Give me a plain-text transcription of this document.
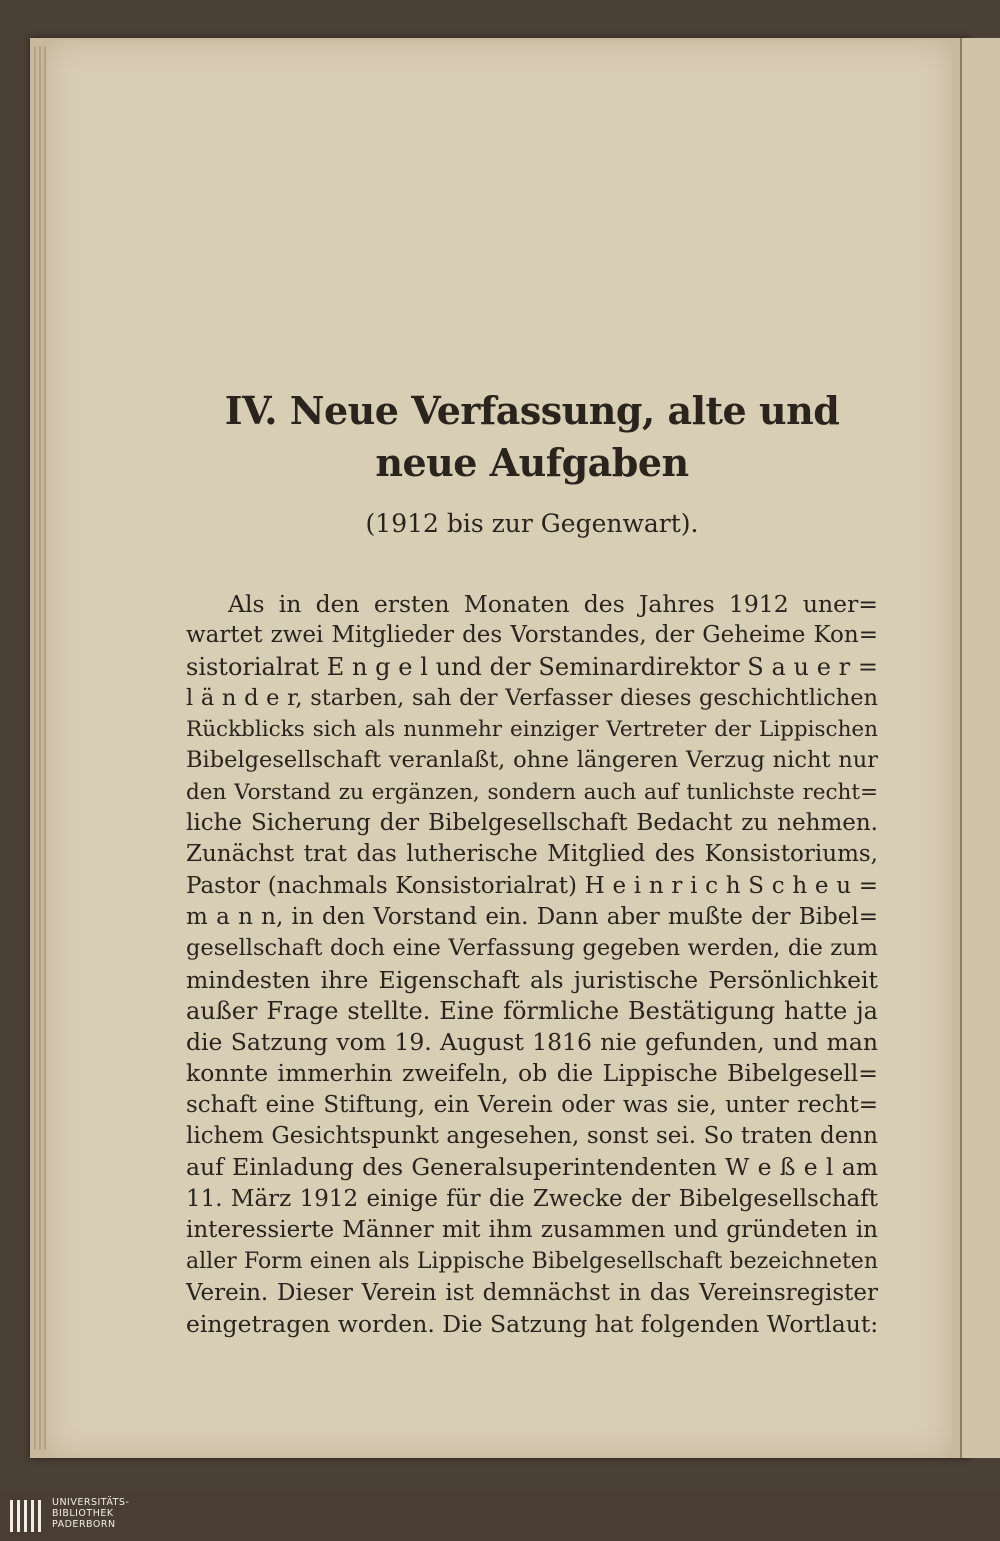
IV. Neue Verfassung, alte und neue Aufgaben

(1912 bis zur Gegenwart).

Als in den ersten Monaten des Jahres 1912 uner=
wartet zwei Mitglieder des Vorstandes, der Geheime Kon=
sistorialrat E n g e l und der Seminardirektor S a u e r =
l ä n d e r, starben, sah der Verfasser dieses geschichtlichen
Rückblicks sich als nunmehr einziger Vertreter der Lippischen
Bibelgesellschaft veranlaßt, ohne längeren Verzug nicht nur
den Vorstand zu ergänzen, sondern auch auf tunlichste recht=
liche Sicherung der Bibelgesellschaft Bedacht zu nehmen.
Zunächst trat das lutherische Mitglied des Konsistoriums,
Pastor (nachmals Konsistorialrat) H e i n r i c h S c h e u =
m a n n, in den Vorstand ein. Dann aber mußte der Bibel=
gesellschaft doch eine Verfassung gegeben werden, die zum
mindesten ihre Eigenschaft als juristische Persönlichkeit
außer Frage stellte. Eine förmliche Bestätigung hatte ja
die Satzung vom 19. August 1816 nie gefunden, und man
konnte immerhin zweifeln, ob die Lippische Bibelgesell=
schaft eine Stiftung, ein Verein oder was sie, unter recht=
lichem Gesichtspunkt angesehen, sonst sei. So traten denn
auf Einladung des Generalsuperintendenten W e ß e l am
11. März 1912 einige für die Zwecke der Bibelgesellschaft
interessierte Männer mit ihm zusammen und gründeten in
aller Form einen als Lippische Bibelgesellschaft bezeichneten
Verein. Dieser Verein ist demnächst in das Vereinsregister
eingetragen worden. Die Satzung hat folgenden Wortlaut:
UNIVERSITÄTS-
BIBLIOTHEK
PADERBORN
